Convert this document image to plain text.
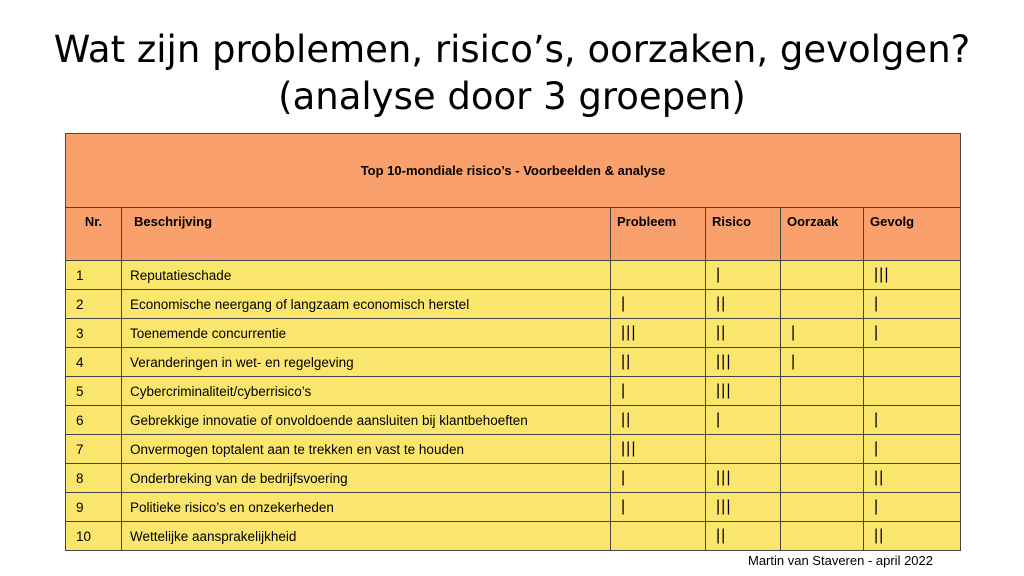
Wat zijn problemen, risico’s, oorzaken, gevolgen?
(analyse door 3 groepen)
Top 10-mondiale risico’s - Voorbeelden & analyse					
Nr.	Beschrijving	Probleem	Risico	Oorzaak	Gevolg
1	Reputatieschade		|		|||
2	Economische neergang of langzaam economisch herstel	|	||		|
3	Toenemende concurrentie	|||	||	|	|
4	Veranderingen in wet- en regelgeving	||	|||	|	
5	Cybercriminaliteit/cyberrisico’s	|	|||		
6	Gebrekkige innovatie of onvoldoende aansluiten bij klantbehoeften	||	|		|
7	Onvermogen toptalent aan te trekken en vast te houden	|||			|
8	Onderbreking van de bedrijfsvoering	|	|||		||
9	Politieke risico’s en onzekerheden	|	|||		|
10	Wettelijke aansprakelijkheid		||		||
Martin van Staveren - april 2022
